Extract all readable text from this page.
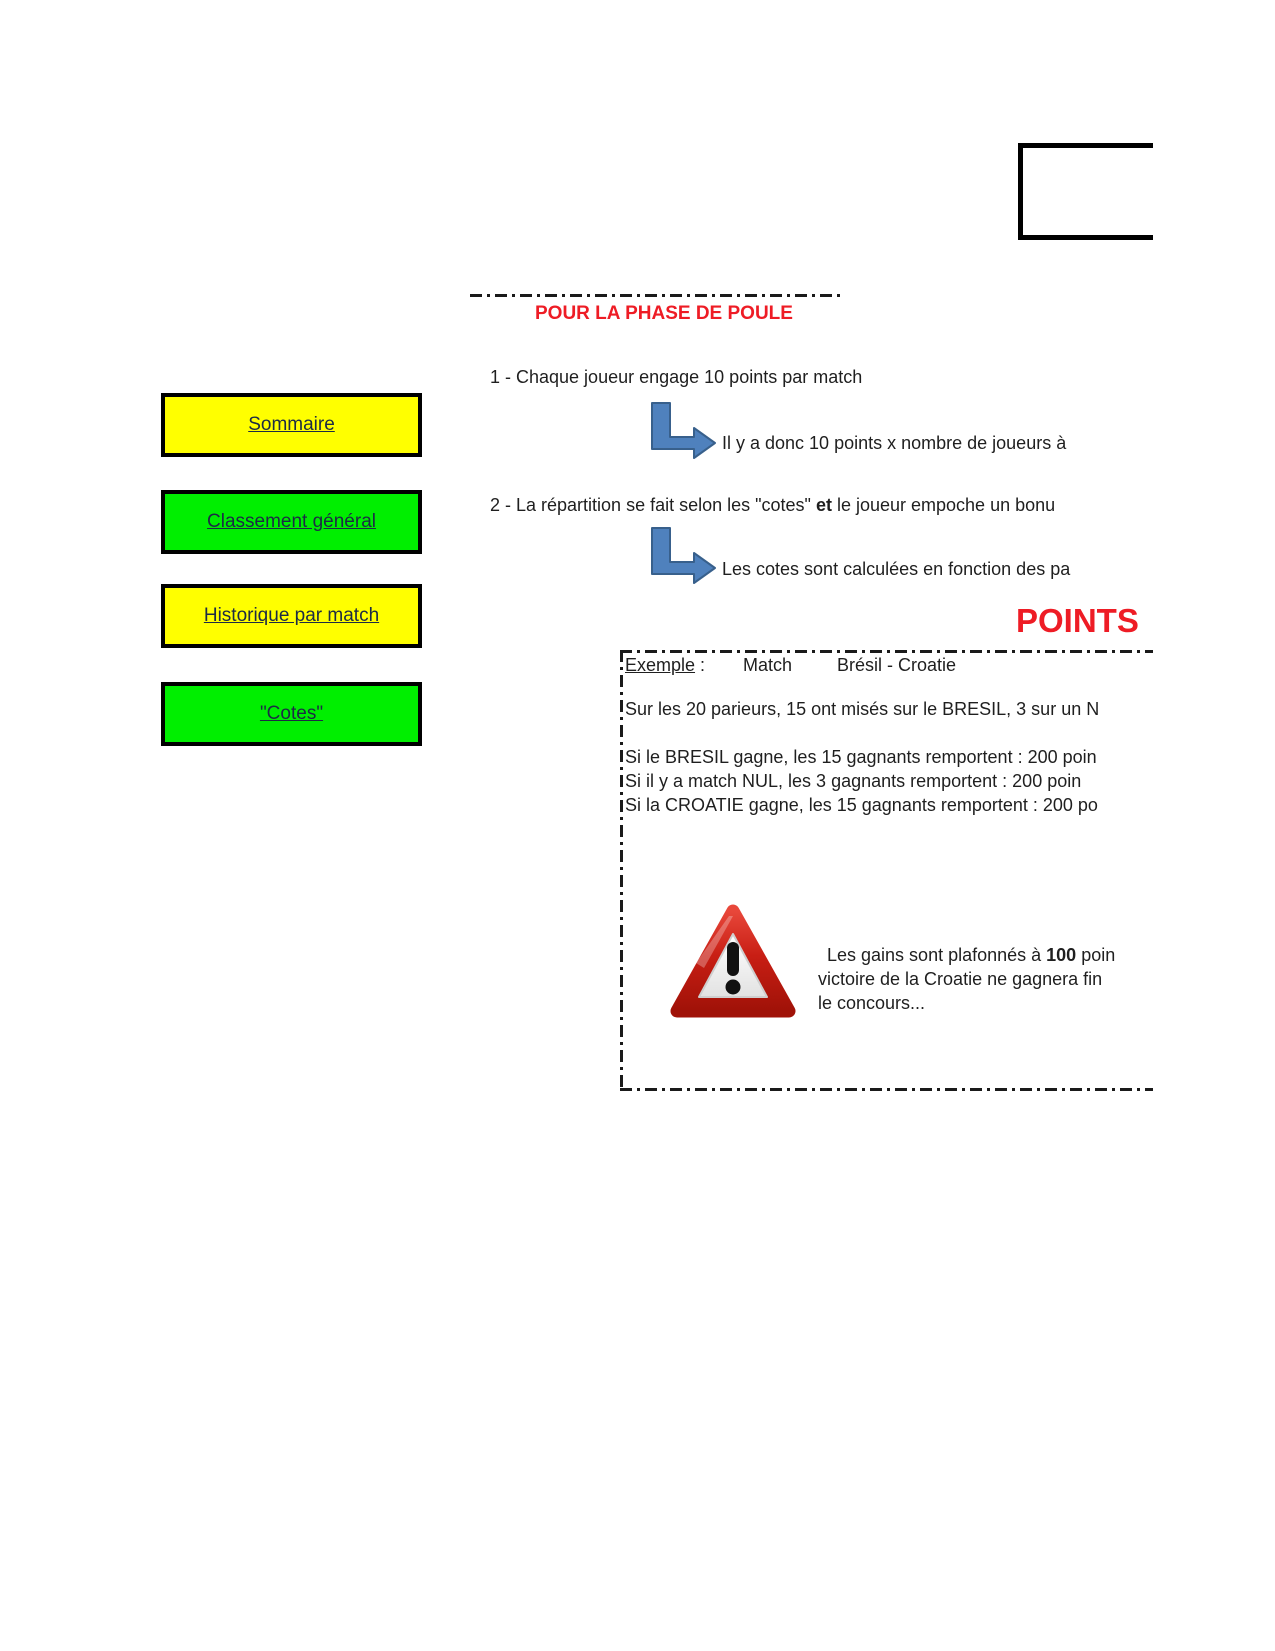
POUR LA PHASE DE POULE
1 - Chaque joueur engage 10 points par match
Il y a donc 10 points x nombre de joueurs à
2 - La répartition se fait selon les "cotes" et le joueur empoche un bonu
Les cotes sont calculées en fonction des pa
POINTS
Exemple : Match Brésil - Croatie
Sur les 20 parieurs, 15 ont misés sur le BRESIL, 3 sur un N
Si le BRESIL gagne, les 15 gagnants remportent : 200 poin
Si il y a match NUL, les 3 gagnants remportent : 200 poin
Si la CROATIE gagne, les 15 gagnants remportent : 200 po
Les gains sont plafonnés à 100 poin
victoire de la Croatie ne gagnera fin
le concours...
Sommaire
Classement général
Historique par match
"Cotes"
